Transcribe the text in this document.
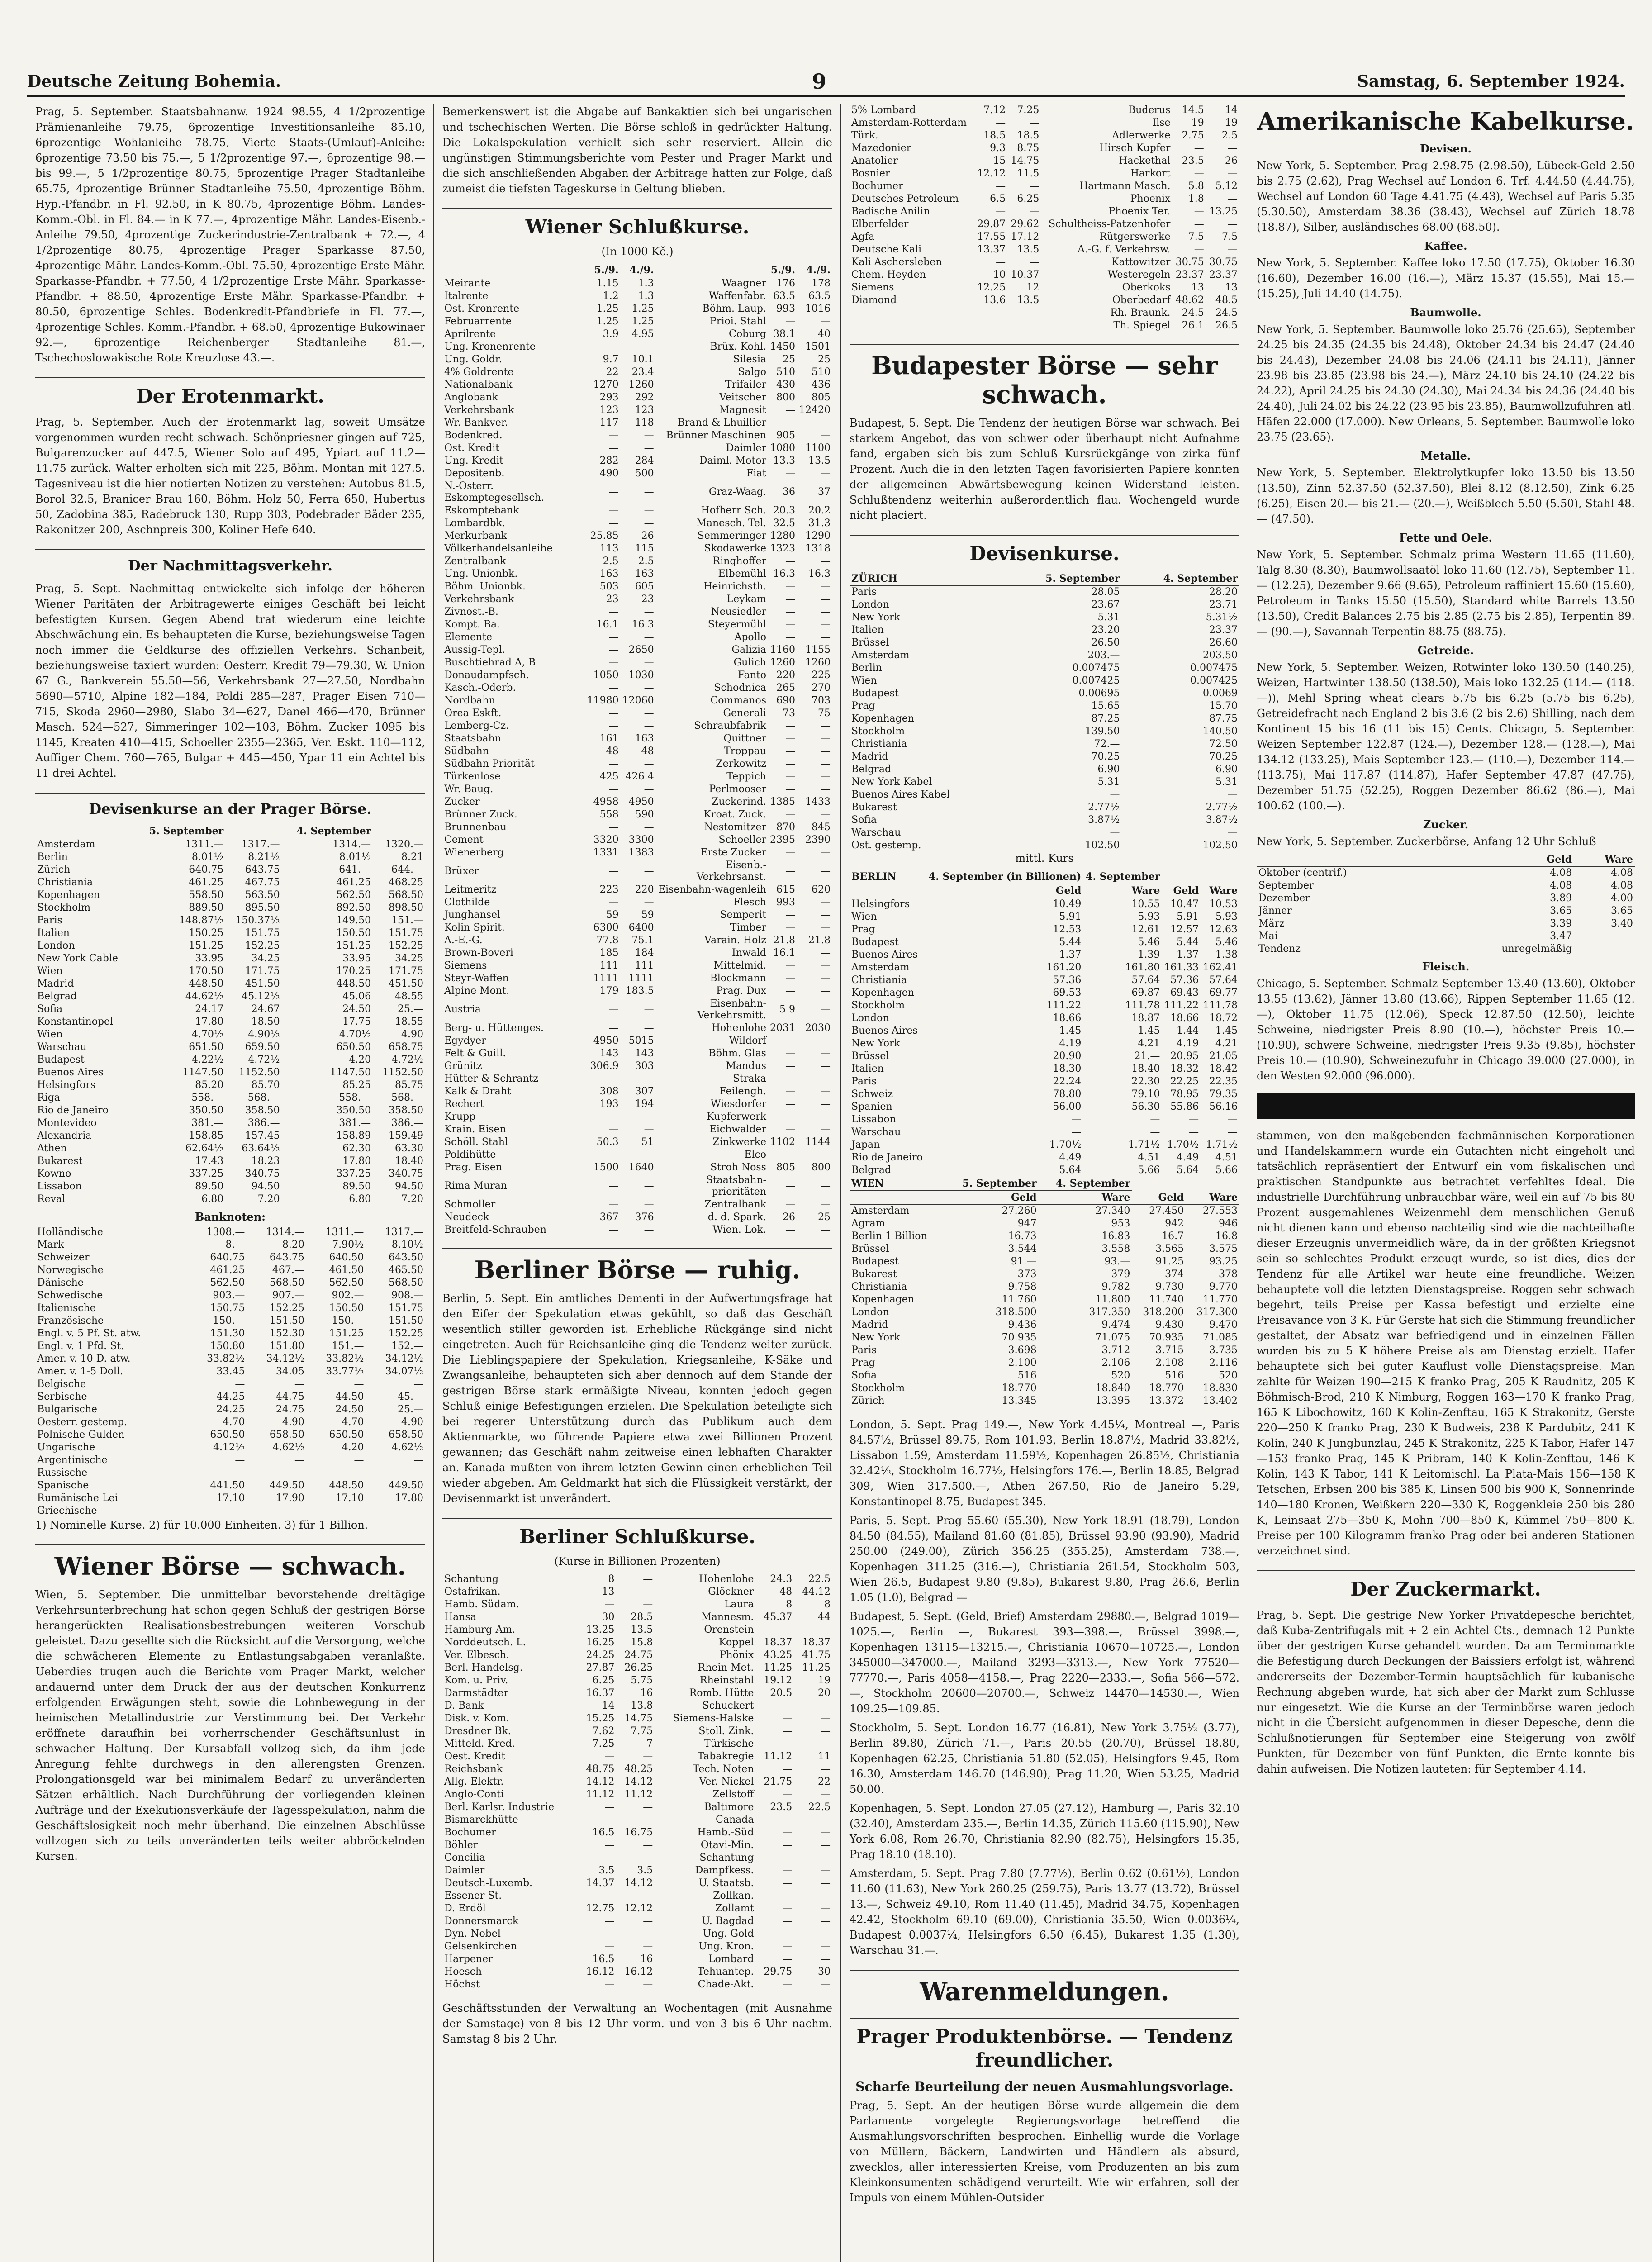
Deutsche Zeitung Bohemia.	9	Samstag, 6. September 1924.

Prag, 5. September. Staatsbahnanw. 1924 98.55, 4 1/2prozentige Prämienanleihe 79.75, 6prozentige Investitionsanleihe 85.10, 6prozentige Wohlanleihe 78.75, Vierte Staats-(Umlauf)-Anleihe: 6prozentige 73.50 bis 75.—, 5 1/2prozentige 97.—, 6prozentige 98.— bis 99.—, 5 1/2prozentige 80.75, 5prozentige Prager Stadtanleihe 65.75, 4prozentige Brünner Stadtanleihe 75.50, 4prozentige Böhm. Hyp.-Pfandbr. in Fl. 92.50, in K 80.75, 4prozentige Böhm. Landes-Komm.-Obl. in Fl. 84.— in K 77.—, 4prozentige Mähr. Landes-Eisenb.-Anleihe 79.50, 4prozentige Zuckerindustrie-Zentralbank + 72.—, 4 1/2prozentige 80.75, 4prozentige Prager Sparkasse 87.50, 4prozentige Mähr. Landes-Komm.-Obl. 75.50, 4prozentige Erste Mähr. Sparkasse-Pfandbr. + 77.50, 4 1/2prozentige Erste Mähr. Sparkasse-Pfandbr. + 88.50, 4prozentige Erste Mähr. Sparkasse-Pfandbr. + 80.50, 6prozentige Schles. Bodenkredit-Pfandbriefe in Fl. 77.—, 4prozentige Schles. Komm.-Pfandbr. + 68.50, 4prozentige Bukowinaer 92.—, 6prozentige Reichenberger Stadtanleihe 81.—, Tschechoslowakische Rote Kreuzlose 43.—.

Der Erotenmarkt.

Prag, 5. September. Auch der Erotenmarkt lag, soweit Umsätze vorgenommen wurden recht schwach. Schönpriesner gingen auf 725, Bulgarenzucker auf 447.5, Wiener Solo auf 495, Ypiart auf 11.2—11.75 zurück. Walter erholten sich mit 225, Böhm. Montan mit 127.5. Tagesniveau ist die hier notierten Notizen zu verstehen: Autobus 81.5, Borol 32.5, Branicer Brau 160, Böhm. Holz 50, Ferra 650, Hubertus 50, Zadobina 385, Radebruck 130, Rupp 303, Podebrader Bäder 235, Rakonitzer 200, Aschnpreis 300, Koliner Hefe 640.

Der Nachmittagsverkehr.

Prag, 5. Sept. Nachmittag entwickelte sich infolge der höheren Wiener Paritäten der Arbitragewerte einiges Geschäft bei leicht befestigten Kursen. Gegen Abend trat wiederum eine leichte Abschwächung ein. Es behaupteten die Kurse, beziehungsweise Tagen noch immer die Geldkurse des offiziellen Verkehrs. Schanbeit, beziehungsweise taxiert wurden: Oesterr. Kredit 79—79.30, W. Union 67 G., Bankverein 55.50—56, Verkehrsbank 27—27.50, Nordbahn 5690—5710, Alpine 182—184, Poldi 285—287, Prager Eisen 710—715, Skoda 2960—2980, Slabo 34—627, Danel 466—470, Brünner Masch. 524—527, Simmeringer 102—103, Böhm. Zucker 1095 bis 1145, Kreaten 410—415, Schoeller 2355—2365, Ver. Eskt. 110—112, Auffiger Chem. 760—765, Bulgar + 445—450, Ypar 11 ein Achtel bis 11 drei Achtel.

Devisenkurse an der Prager Börse.
	5. September		4. September	
Amsterdam	1311.—	1317.—	1314.—	1320.—
Berlin	8.01½	8.21½	8.01½	8.21
Zürich	640.75	643.75	641.—	644.—
Christiania	461.25	467.75	461.25	468.25
Kopenhagen	558.50	563.50	562.50	568.50
Stockholm	889.50	895.50	892.50	898.50
Paris	148.87½	150.37½	149.50	151.—
Italien	150.25	151.75	150.50	151.75
London	151.25	152.25	151.25	152.25
New York Cable	33.95	34.25	33.95	34.25
Wien	170.50	171.75	170.25	171.75
Madrid	448.50	451.50	448.50	451.50
Belgrad	44.62½	45.12½	45.06	48.55
Sofia	24.17	24.67	24.50	25.—
Konstantinopel	17.80	18.50	17.75	18.55
Wien	4.70½	4.90½	4.70½	4.90
Warschau	651.50	659.50	650.50	658.75
Budapest	4.22½	4.72½	4.20	4.72½
Buenos Aires	1147.50	1152.50	1147.50	1152.50
Helsingfors	85.20	85.70	85.25	85.75
Riga	558.—	568.—	558.—	568.—
Rio de Janeiro	350.50	358.50	350.50	358.50
Montevideo	381.—	386.—	381.—	386.—
Alexandria	158.85	157.45	158.89	159.49
Athen	62.64½	63.64½	62.30	63.30
Bukarest	17.43	18.23	17.80	18.40
Kowno	337.25	340.75	337.25	340.75
Lissabon	89.50	94.50	89.50	94.50
Reval	6.80	7.20	6.80	7.20
Banknoten:
Holländische	1308.—	1314.—	1311.—	1317.—
Mark	8.—	8.20	7.90½	8.10½
Schweizer	640.75	643.75	640.50	643.50
Norwegische	461.25	467.—	461.50	465.50
Dänische	562.50	568.50	562.50	568.50
Schwedische	903.—	907.—	902.—	908.—
Italienische	150.75	152.25	150.50	151.75
Französische	150.—	151.50	150.—	151.50
Engl. v. 5 Pf. St. atw.	151.30	152.30	151.25	152.25
Engl. v. 1 Pfd. St.	150.80	151.80	151.—	152.—
Amer. v. 10 D. atw.	33.82½	34.12½	33.82½	34.12½
Amer. v. 1-5 Doll.	33.45	34.05	33.77½	34.07½
Belgische	—	—	—	—
Serbische	44.25	44.75	44.50	45.—
Bulgarische	24.25	24.75	24.50	25.—
Oesterr. gestemp.	4.70	4.90	4.70	4.90
Polnische Gulden	650.50	658.50	650.50	658.50
Ungarische	4.12½	4.62½	4.20	4.62½
Argentinische	—	—	—	—
Russische	—	—	—	—
Spanische	441.50	449.50	448.50	449.50
Rumänische Lei	17.10	17.90	17.10	17.80
Griechische	—	—	—	—

1) Nominelle Kurse. 2) für 10.000 Einheiten. 3) für 1 Billion.

Wiener Börse — schwach.

Wien, 5. September. Die unmittelbar bevorstehende dreitägige Verkehrsunterbrechung hat schon gegen Schluß der gestrigen Börse herangerückten Realisationsbestrebungen weiteren Vorschub geleistet. Dazu gesellte sich die Rücksicht auf die Versorgung, welche die schwächeren Elemente zu Entlastungsabgaben veranlaßte. Ueberdies trugen auch die Berichte vom Prager Markt, welcher andauernd unter dem Druck der aus der deutschen Konkurrenz erfolgenden Erwägungen steht, sowie die Lohnbewegung in der heimischen Metallindustrie zur Verstimmung bei. Der Verkehr eröffnete daraufhin bei vorherrschender Geschäftsunlust in schwacher Haltung. Der Kursabfall vollzog sich, da ihm jede Anregung fehlte durchwegs in den allerengsten Grenzen. Prolongationsgeld war bei minimalem Bedarf zu unveränderten Sätzen erhältlich. Nach Durchführung der vorliegenden kleinen Aufträge und der Exekutionsverkäufe der Tagesspekulation, nahm die Geschäftslosigkeit noch mehr überhand. Die einzelnen Abschlüsse vollzogen sich zu teils unveränderten teils weiter abbröckelnden Kursen.

Bemerkenswert ist die Abgabe auf Bankaktien sich bei ungarischen und tschechischen Werten. Die Börse schloß in gedrückter Haltung. Die Lokalspekulation verhielt sich sehr reserviert. Allein die ungünstigen Stimmungsberichte vom Pester und Prager Markt und die sich anschließenden Abgaben der Arbitrage hatten zur Folge, daß zumeist die tiefsten Tageskurse in Geltung blieben.

Wiener Schlußkurse.
(In 1000 Kč.)
	5./9.	4./9.		5./9.	4./9.
Meirante	1.15	1.3	Waagner	176	178
Italrente	1.2	1.3	Waffenfabr.	63.5	63.5
Ost. Kronrente	1.25	1.25	Böhm. Laup.	993	1016
Februarrente	1.25	1.25	Prioi. Stahl	—	—
Aprilrente	3.9	4.95	Coburg	38.1	40
Ung. Kronenrente	—	—	Brüx. Kohl.	1450	1501
Ung. Goldr.	9.7	10.1	Silesia	25	25
4% Goldrente	22	23.4	Salgo	510	510
Nationalbank	1270	1260	Trifailer	430	436
Anglobank	293	292	Veitscher	800	805
Verkehrsbank	123	123	Magnesit	—	12420
Wr. Bankver.	117	118	Brand & Lhuillier	—	—
Bodenkred.	—	—	Brünner Maschinen	905	—
Ost. Kredit	—	—	Daimler	1080	1100
Ung. Kredit	282	284	Daiml. Motor	13.3	13.5
Depositenb.	490	500	Fiat	—	—
N.-Osterr. Eskomptegesellsch.	—	—	Graz-Waag.	36	37
Eskomptebank	—	—	Hofherr Sch.	20.3	20.2
Lombardbk.	—	—	Manesch. Tel.	32.5	31.3
Merkurbank	25.85	26	Semmeringer	1280	1290
Völkerhandelsanleihe	113	115	Skodawerke	1323	1318
Zentralbank	2.5	2.5	Ringhoffer	—	—
Ung. Unionbk.	163	163	Elbemühl	16.3	16.3
Böhm. Unionbk.	503	605	Heinrichsth.	—	—
Verkehrsbank	23	23	Leykam	—	—
Zivnost.-B.	—	—	Neusiedler	—	—
Kompt. Ba.	16.1	16.3	Steyermühl	—	—
Elemente	—	—	Apollo	—	—
Aussig-Tepl.	—	2650	Galizia	1160	1155
Buschtiehrad A, B	—	—	Gulich	1260	1260
Donaudampfsch.	1050	1030	Fanto	220	225
Kasch.-Oderb.	—	—	Schodnica	265	270
Nordbahn	11980	12060	Commanos	690	703
Orea Eskft.	—	—	Generali	73	75
Lemberg-Cz.	—	—	Schraubfabrik	—	—
Staatsbahn	161	163	Quittner	—	—
Südbahn	48	48	Troppau	—	—
Südbahn Priorität	—	—	Zerkowitz	—	—
Türkenlose	425	426.4	Teppich	—	—
Wr. Baug.	—	—	Perlmooser	—	—
Zucker	4958	4950	Zuckerind.	1385	1433
Brünner Zuck.	558	590	Kroat. Zuck.	—	—
Brunnenbau	—	—	Nestomitzer	870	845
Cement	3320	3300	Schoeller	2395	2390
Wienerberg	1331	1383	Erste Zucker	—	—
Brüxer	—	—	Eisenb.-Verkehrsanst.	—	—
Leitmeritz	223	220	Eisenbahn-wagenleih	615	620
Clothilde	—	—	Flesch	993	—
Junghansel	59	59	Semperit	—	—
Kolin Spirit.	6300	6400	Timber	—	—
A.-E.-G.	77.8	75.1	Varain. Holz	21.8	21.8
Brown-Boveri	185	184	Inwald	16.1	—
Siemens	111	111	Mittelmid.	—	—
Steyr-Waffen	1111	1111	Blockmann	—	—
Alpine Mont.	179	183.5	Prag. Dux	—	—
Austria	—	—	Eisenbahn-Verkehrsmitt.	5 9	—
Berg- u. Hüttenges.	—	—	Hohenlohe	2031	2030
Egydyer	4950	5015	Wildorf	—	—
Felt & Guill.	143	143	Böhm. Glas	—	—
Grünitz	306.9	303	Mandus	—	—
Hütter & Schrantz	—	—	Straka	—	—
Kalk & Draht	308	307	Feilengh.	—	—
Rechert	193	194	Wiesdorfer	—	—
Krupp	—	—	Kupferwerk	—	—
Krain. Eisen	—	—	Eichwalder	—	—
Schöll. Stahl	50.3	51	Zinkwerke	1102	1144
Poldihütte	—	—	Elco	—	—
Prag. Eisen	1500	1640	Stroh Noss	805	800
Rima Muran	—	—	Staatsbahn-prioritäten	—	—
Schmoller	—	—	Zentralbank	—	—
Neudeck	367	376	d. d. Spark.	26	25
Breitfeld-Schrauben	—	—	Wien. Lok.	—	—
Berliner Börse — ruhig.

Berlin, 5. Sept. Ein amtliches Dementi in der Aufwertungsfrage hat den Eifer der Spekulation etwas gekühlt, so daß das Geschäft wesentlich stiller geworden ist. Erhebliche Rückgänge sind nicht eingetreten. Auch für Reichsanleihe ging die Tendenz weiter zurück. Die Lieblingspapiere der Spekulation, Kriegsanleihe, K-Säke und Zwangsanleihe, behaupteten sich aber dennoch auf dem Stande der gestrigen Börse stark ermäßigte Niveau, konnten jedoch gegen Schluß einige Befestigungen erzielen. Die Spekulation beteiligte sich bei regerer Unterstützung durch das Publikum auch dem Aktienmarkte, wo führende Papiere etwa zwei Billionen Prozent gewannen; das Geschäft nahm zeitweise einen lebhaften Charakter an. Kanada mußten von ihrem letzten Gewinn einen erheblichen Teil wieder abgeben. Am Geldmarkt hat sich die Flüssigkeit verstärkt, der Devisenmarkt ist unverändert.

Berliner Schlußkurse.
(Kurse in Billionen Prozenten)
Schantung	8	—	Hohenlohe	24.3	22.5
Ostafrikan.	13	—	Glöckner	48	44.12
Hamb. Südam.	—	—	Laura	8	8
Hansa	30	28.5	Mannesm.	45.37	44
Hamburg-Am.	13.25	13.5	Orenstein	—	—
Norddeutsch. L.	16.25	15.8	Koppel	18.37	18.37
Ver. Elbesch.	24.25	24.75	Phönix	43.25	41.75
Berl. Handelsg.	27.87	26.25	Rhein-Met.	11.25	11.25
Kom. u. Priv.	6.25	5.75	Rheinstahl	19.12	19
Darmstädter	16.37	16	Romb. Hütte	20.5	20
D. Bank	14	13.8	Schuckert	—	—
Disk. v. Kom.	15.25	14.75	Siemens-Halske	—	—
Dresdner Bk.	7.62	7.75	Stoll. Zink.	—	—
Mitteld. Kred.	7.25	7	Türkische	—	—
Oest. Kredit	—	—	Tabakregie	11.12	11
Reichsbank	48.75	48.25	Tech. Noten	—	—
Allg. Elektr.	14.12	14.12	Ver. Nickel	21.75	22
Anglo-Conti	11.12	11.12	Zellstoff	—	—
Berl. Karlsr. Industrie	—	—	Baltimore	23.5	22.5
Bismarckhütte	—	—	Canada	—	—
Bochumer	16.5	16.75	Hamb.-Süd	—	—
Böhler	—	—	Otavi-Min.	—	—
Concilia	—	—	Schantung	—	—
Daimler	3.5	3.5	Dampfkess.	—	—
Deutsch-Luxemb.	14.37	14.12	U. Staatsb.	—	—
Essener St.	—	—	Zollkan.	—	—
D. Erdöl	12.75	12.12	Zollamt	—	—
Donnersmarck	—	—	U. Bagdad	—	—
Dyn. Nobel	—	—	Ung. Gold	—	—
Gelsenkirchen	—	—	Ung. Kron.	—	—
Harpener	16.5	16	Lombard	—	—
Hoesch	16.12	16.12	Tehuantep.	29.75	30
Höchst	—	—	Chade-Akt.	—	—

Geschäftsstunden der Verwaltung an Wochentagen (mit Ausnahme der Samstage) von 8 bis 12 Uhr vorm. und von 3 bis 6 Uhr nachm. Samstag 8 bis 2 Uhr.

5% Lombard	7.12	7.25	Buderus	14.5	14
Amsterdam-Rotterdam	—	—	Ilse	19	19
Türk.	18.5	18.5	Adlerwerke	2.75	2.5
Mazedonier	9.3	8.75	Hirsch Kupfer	—	—
Anatolier	15	14.75	Hackethal	23.5	26
Bosnier	12.12	11.5	Harkort	—	—
Bochumer	—	—	Hartmann Masch.	5.8	5.12
Deutsches Petroleum	6.5	6.25	Phoenix	1.8	—
Badische Anilin	—	—	Phoenix Ter.	—	13.25
Elberfelder	29.87	29.62	Schultheiss-Patzenhofer	—	—
Agfa	17.55	17.12	Rütgerswerke	7.5	7.5
Deutsche Kali	13.37	13.5	A.-G. f. Verkehrsw.	—	—
Kali Aschersleben	—	—	Kattowitzer	30.75	30.75
Chem. Heyden	10	10.37	Westeregeln	23.37	23.37
Siemens	12.25	12	Oberkoks	13	13
Diamond	13.6	13.5	Oberbedarf	48.62	48.5
			Rh. Braunk.	24.5	24.5
			Th. Spiegel	26.1	26.5
Budapester Börse — sehr schwach.

Budapest, 5. Sept. Die Tendenz der heutigen Börse war schwach. Bei starkem Angebot, das von schwer oder überhaupt nicht Aufnahme fand, ergaben sich bis zum Schluß Kursrückgänge von zirka fünf Prozent. Auch die in den letzten Tagen favorisierten Papiere konnten der allgemeinen Abwärtsbewegung keinen Widerstand leisten. Schlußtendenz weiterhin außerordentlich flau. Wochengeld wurde nicht placiert.

Devisenkurse.
ZÜRICH	5. September	4. September
Paris	28.05	28.20
London	23.67	23.71
New York	5.31	5.31½
Italien	23.20	23.37
Brüssel	26.50	26.60
Amsterdam	203.—	203.50
Berlin	0.007475	0.007475
Wien	0.007425	0.007425
Budapest	0.00695	0.0069
Prag	15.65	15.70
Kopenhagen	87.25	87.75
Stockholm	139.50	140.50
Christiania	72.—	72.50
Madrid	70.25	70.25
Belgrad	6.90	6.90
New York Kabel	5.31	5.31
Buenos Aires Kabel	—	—
Bukarest	2.77½	2.77½
Sofia	3.87½	3.87½
Warschau	—	—
Ost. gestemp.	102.50	102.50
mittl. Kurs
BERLIN	4. September (in Billionen)	4. September		
	Geld	Ware	Geld	Ware
Helsingfors	10.49	10.55	10.47	10.53
Wien	5.91	5.93	5.91	5.93
Prag	12.53	12.61	12.57	12.63
Budapest	5.44	5.46	5.44	5.46
Buenos Aires	1.37	1.39	1.37	1.38
Amsterdam	161.20	161.80	161.33	162.41
Christiania	57.36	57.64	57.36	57.64
Kopenhagen	69.53	69.87	69.43	69.77
Stockholm	111.22	111.78	111.22	111.78
London	18.66	18.87	18.66	18.72
Buenos Aires	1.45	1.45	1.44	1.45
New York	4.19	4.21	4.19	4.21
Brüssel	20.90	21.—	20.95	21.05
Italien	18.30	18.40	18.32	18.42
Paris	22.24	22.30	22.25	22.35
Schweiz	78.80	79.10	78.95	79.35
Spanien	56.00	56.30	55.86	56.16
Lissabon	—	—	—	—
Warschau	—	—	—	—
Japan	1.70½	1.71½	1.70½	1.71½
Rio de Janeiro	4.49	4.51	4.49	4.51
Belgrad	5.64	5.66	5.64	5.66
WIEN	5. September	4. September		
	Geld	Ware	Geld	Ware
Amsterdam	27.260	27.340	27.450	27.553
Agram	947	953	942	946
Berlin 1 Billion	16.73	16.83	16.7	16.8
Brüssel	3.544	3.558	3.565	3.575
Budapest	91.—	93.—	91.25	93.25
Bukarest	373	379	374	378
Christiania	9.758	9.782	9.730	9.770
Kopenhagen	11.760	11.800	11.740	11.770
London	318.500	317.350	318.200	317.300
Madrid	9.436	9.474	9.430	9.470
New York	70.935	71.075	70.935	71.085
Paris	3.698	3.712	3.715	3.735
Prag	2.100	2.106	2.108	2.116
Sofia	516	520	516	520
Stockholm	18.770	18.840	18.770	18.830
Zürich	13.345	13.395	13.372	13.402

London, 5. Sept. Prag 149.—, New York 4.45¼, Montreal —, Paris 84.57½, Brüssel 89.75, Rom 101.93, Berlin 18.87½, Madrid 33.82½, Lissabon 1.59, Amsterdam 11.59½, Kopenhagen 26.85½, Christiania 32.42½, Stockholm 16.77½, Helsingfors 176.—, Berlin 18.85, Belgrad 309, Wien 317.500.—, Athen 267.50, Rio de Janeiro 5.29, Konstantinopel 8.75, Budapest 345.

Paris, 5. Sept. Prag 55.60 (55.30), New York 18.91 (18.79), London 84.50 (84.55), Mailand 81.60 (81.85), Brüssel 93.90 (93.90), Madrid 250.00 (249.00), Zürich 356.25 (355.25), Amsterdam 738.—, Kopenhagen 311.25 (316.—), Christiania 261.54, Stockholm 503, Wien 26.5, Budapest 9.80 (9.85), Bukarest 9.80, Prag 26.6, Berlin 1.05 (1.0), Belgrad —

Budapest, 5. Sept. (Geld, Brief) Amsterdam 29880.—, Belgrad 1019—1025.—, Berlin —, Bukarest 393—398.—, Brüssel 3998.—, Kopenhagen 13115—13215.—, Christiania 10670—10725.—, London 345000—347000.—, Mailand 3293—3313.—, New York 77520—77770.—, Paris 4058—4158.—, Prag 2220—2333.—, Sofia 566—572.—, Stockholm 20600—20700.—, Schweiz 14470—14530.—, Wien 109.25—109.85.

Stockholm, 5. Sept. London 16.77 (16.81), New York 3.75½ (3.77), Berlin 89.80, Zürich 71.—, Paris 20.55 (20.70), Brüssel 18.80, Kopenhagen 62.25, Christiania 51.80 (52.05), Helsingfors 9.45, Rom 16.30, Amsterdam 146.70 (146.90), Prag 11.20, Wien 53.25, Madrid 50.00.

Kopenhagen, 5. Sept. London 27.05 (27.12), Hamburg —, Paris 32.10 (32.40), Amsterdam 235.—, Berlin 14.35, Zürich 115.60 (115.90), New York 6.08, Rom 26.70, Christiania 82.90 (82.75), Helsingfors 15.35, Prag 18.10 (18.10).

Amsterdam, 5. Sept. Prag 7.80 (7.77½), Berlin 0.62 (0.61½), London 11.60 (11.63), New York 260.25 (259.75), Paris 13.77 (13.72), Brüssel 13.—, Schweiz 49.10, Rom 11.40 (11.45), Madrid 34.75, Kopenhagen 42.42, Stockholm 69.10 (69.00), Christiania 35.50, Wien 0.0036¼, Budapest 0.0037¼, Helsingfors 6.50 (6.45), Bukarest 1.35 (1.30), Warschau 31.—.

Warenmeldungen.
Prager Produktenbörse. — Tendenz freundlicher.
Scharfe Beurteilung der neuen Ausmahlungsvorlage.

Prag, 5. Sept. An der heutigen Börse wurde allgemein die dem Parlamente vorgelegte Regierungsvorlage betreffend die Ausmahlungsvorschriften besprochen. Einhellig wurde die Vorlage von Müllern, Bäckern, Landwirten und Händlern als absurd, zwecklos, aller interessierten Kreise, vom Produzenten an bis zum Kleinkonsumenten schädigend verurteilt. Wie wir erfahren, soll der Impuls von einem Mühlen-Outsider

Amerikanische Kabelkurse.
Devisen.

New York, 5. September. Prag 2.98.75 (2.98.50), Lübeck-Geld 2.50 bis 2.75 (2.62), Prag Wechsel auf London 6. Trf. 4.44.50 (4.44.75), Wechsel auf London 60 Tage 4.41.75 (4.43), Wechsel auf Paris 5.35 (5.30.50), Amsterdam 38.36 (38.43), Wechsel auf Zürich 18.78 (18.87), Silber, ausländisches 68.00 (68.50).

Kaffee.

New York, 5. September. Kaffee loko 17.50 (17.75), Oktober 16.30 (16.60), Dezember 16.00 (16.—), März 15.37 (15.55), Mai 15.— (15.25), Juli 14.40 (14.75).

Baumwolle.

New York, 5. September. Baumwolle loko 25.76 (25.65), September 24.25 bis 24.35 (24.35 bis 24.48), Oktober 24.34 bis 24.47 (24.40 bis 24.43), Dezember 24.08 bis 24.06 (24.11 bis 24.11), Jänner 23.98 bis 23.85 (23.98 bis 24.—), März 24.10 bis 24.10 (24.22 bis 24.22), April 24.25 bis 24.30 (24.30), Mai 24.34 bis 24.36 (24.40 bis 24.40), Juli 24.02 bis 24.22 (23.95 bis 23.85), Baumwollzufuhren atl. Häfen 22.000 (17.000). New Orleans, 5. September. Baumwolle loko 23.75 (23.65).

Metalle.

New York, 5. September. Elektrolytkupfer loko 13.50 bis 13.50 (13.50), Zinn 52.37.50 (52.37.50), Blei 8.12 (8.12.50), Zink 6.25 (6.25), Eisen 20.— bis 21.— (20.—), Weißblech 5.50 (5.50), Stahl 48.— (47.50).

Fette und Oele.

New York, 5. September. Schmalz prima Western 11.65 (11.60), Talg 8.30 (8.30), Baumwollsaatöl loko 11.60 (12.75), September 11.— (12.25), Dezember 9.66 (9.65), Petroleum raffiniert 15.60 (15.60), Petroleum in Tanks 15.50 (15.50), Standard white Barrels 13.50 (13.50), Credit Balances 2.75 bis 2.85 (2.75 bis 2.85), Terpentin 89.— (90.—), Savannah Terpentin 88.75 (88.75).

Getreide.

New York, 5. September. Weizen, Rotwinter loko 130.50 (140.25), Weizen, Hartwinter 138.50 (138.50), Mais loko 132.25 (114.— (118.—)), Mehl Spring wheat clears 5.75 bis 6.25 (5.75 bis 6.25), Getreidefracht nach England 2 bis 3.6 (2 bis 2.6) Shilling, nach dem Kontinent 15 bis 16 (11 bis 15) Cents. Chicago, 5. September. Weizen September 122.87 (124.—), Dezember 128.— (128.—), Mai 134.12 (133.25), Mais September 123.— (110.—), Dezember 114.— (113.75), Mai 117.87 (114.87), Hafer September 47.87 (47.75), Dezember 51.75 (52.25), Roggen Dezember 86.62 (86.—), Mai 100.62 (100.—).

Zucker.

New York, 5. September. Zuckerbörse, Anfang 12 Uhr Schluß

	Geld	Ware
Oktober (centrif.)	4.08	4.08
September	4.08	4.08
Dezember	3.89	4.00
Jänner	3.65	3.65
März	3.39	3.40
Mai	3.47	
Tendenz	unregelmäßig	
Fleisch.

Chicago, 5. September. Schmalz September 13.40 (13.60), Oktober 13.55 (13.62), Jänner 13.80 (13.66), Rippen September 11.65 (12.—), Oktober 11.75 (12.06), Speck 12.87.50 (12.50), leichte Schweine, niedrigster Preis 8.90 (10.—), höchster Preis 10.— (10.90), schwere Schweine, niedrigster Preis 9.35 (9.85), höchster Preis 10.— (10.90), Schweinezufuhr in Chicago 39.000 (27.000), in den Westen 92.000 (96.000).

stammen, von den maßgebenden fachmännischen Korporationen und Handelskammern wurde ein Gutachten nicht eingeholt und tatsächlich repräsentiert der Entwurf ein vom fiskalischen und praktischen Standpunkte aus betrachtet verfehltes Ideal. Die industrielle Durchführung unbrauchbar wäre, weil ein auf 75 bis 80 Prozent ausgemahlenes Weizenmehl dem menschlichen Genuß nicht dienen kann und ebenso nachteilig sind wie die nachteilhafte dieser Erzeugnis unvermeidlich wäre, da in der größten Kriegsnot sein so schlechtes Produkt erzeugt wurde, so ist dies, dies der Tendenz für alle Artikel war heute eine freundliche. Weizen behauptete voll die letzten Dienstagspreise. Roggen sehr schwach begehrt, teils Preise per Kassa befestigt und erzielte eine Preisavance von 3 K. Für Gerste hat sich die Stimmung freundlicher gestaltet, der Absatz war befriedigend und in einzelnen Fällen wurden bis zu 5 K höhere Preise als am Dienstag erzielt. Hafer behauptete sich bei guter Kauflust volle Dienstagspreise. Man zahlte für Weizen 190—215 K franko Prag, 205 K Raudnitz, 205 K Böhmisch-Brod, 210 K Nimburg, Roggen 163—170 K franko Prag, 165 K Libochowitz, 160 K Kolin-Zenftau, 165 K Strakonitz, Gerste 220—250 K franko Prag, 230 K Budweis, 238 K Pardubitz, 241 K Kolin, 240 K Jungbunzlau, 245 K Strakonitz, 225 K Tabor, Hafer 147—153 franko Prag, 145 K Pribram, 140 K Kolin-Zenftau, 146 K Kolin, 143 K Tabor, 141 K Leitomischl. La Plata-Mais 156—158 K Tetschen, Erbsen 200 bis 385 K, Linsen 500 bis 900 K, Sonnenrinde 140—180 Kronen, Weißkern 220—330 K, Roggenkleie 250 bis 280 K, Leinsaat 275—350 K, Mohn 700—850 K, Kümmel 750—800 K. Preise per 100 Kilogramm franko Prag oder bei anderen Stationen verzeichnet sind.

Der Zuckermarkt.

Prag, 5. Sept. Die gestrige New Yorker Privatdepesche berichtet, daß Kuba-Zentrifugals mit + 2 ein Achtel Cts., demnach 12 Punkte über der gestrigen Kurse gehandelt wurden. Da am Terminmarkte die Befestigung durch Deckungen der Baissiers erfolgt ist, während andererseits der Dezember-Termin hauptsächlich für kubanische Rechnung abgeben wurde, hat sich aber der Markt zum Schlusse nur eingesetzt. Wie die Kurse an der Terminbörse waren jedoch nicht in die Übersicht aufgenommen in dieser Depesche, denn die Schlußnotierungen für September eine Steigerung von zwölf Punkten, für Dezember von fünf Punkten, die Ernte konnte bis dahin aufweisen. Die Notizen lauteten: für September 4.14.
